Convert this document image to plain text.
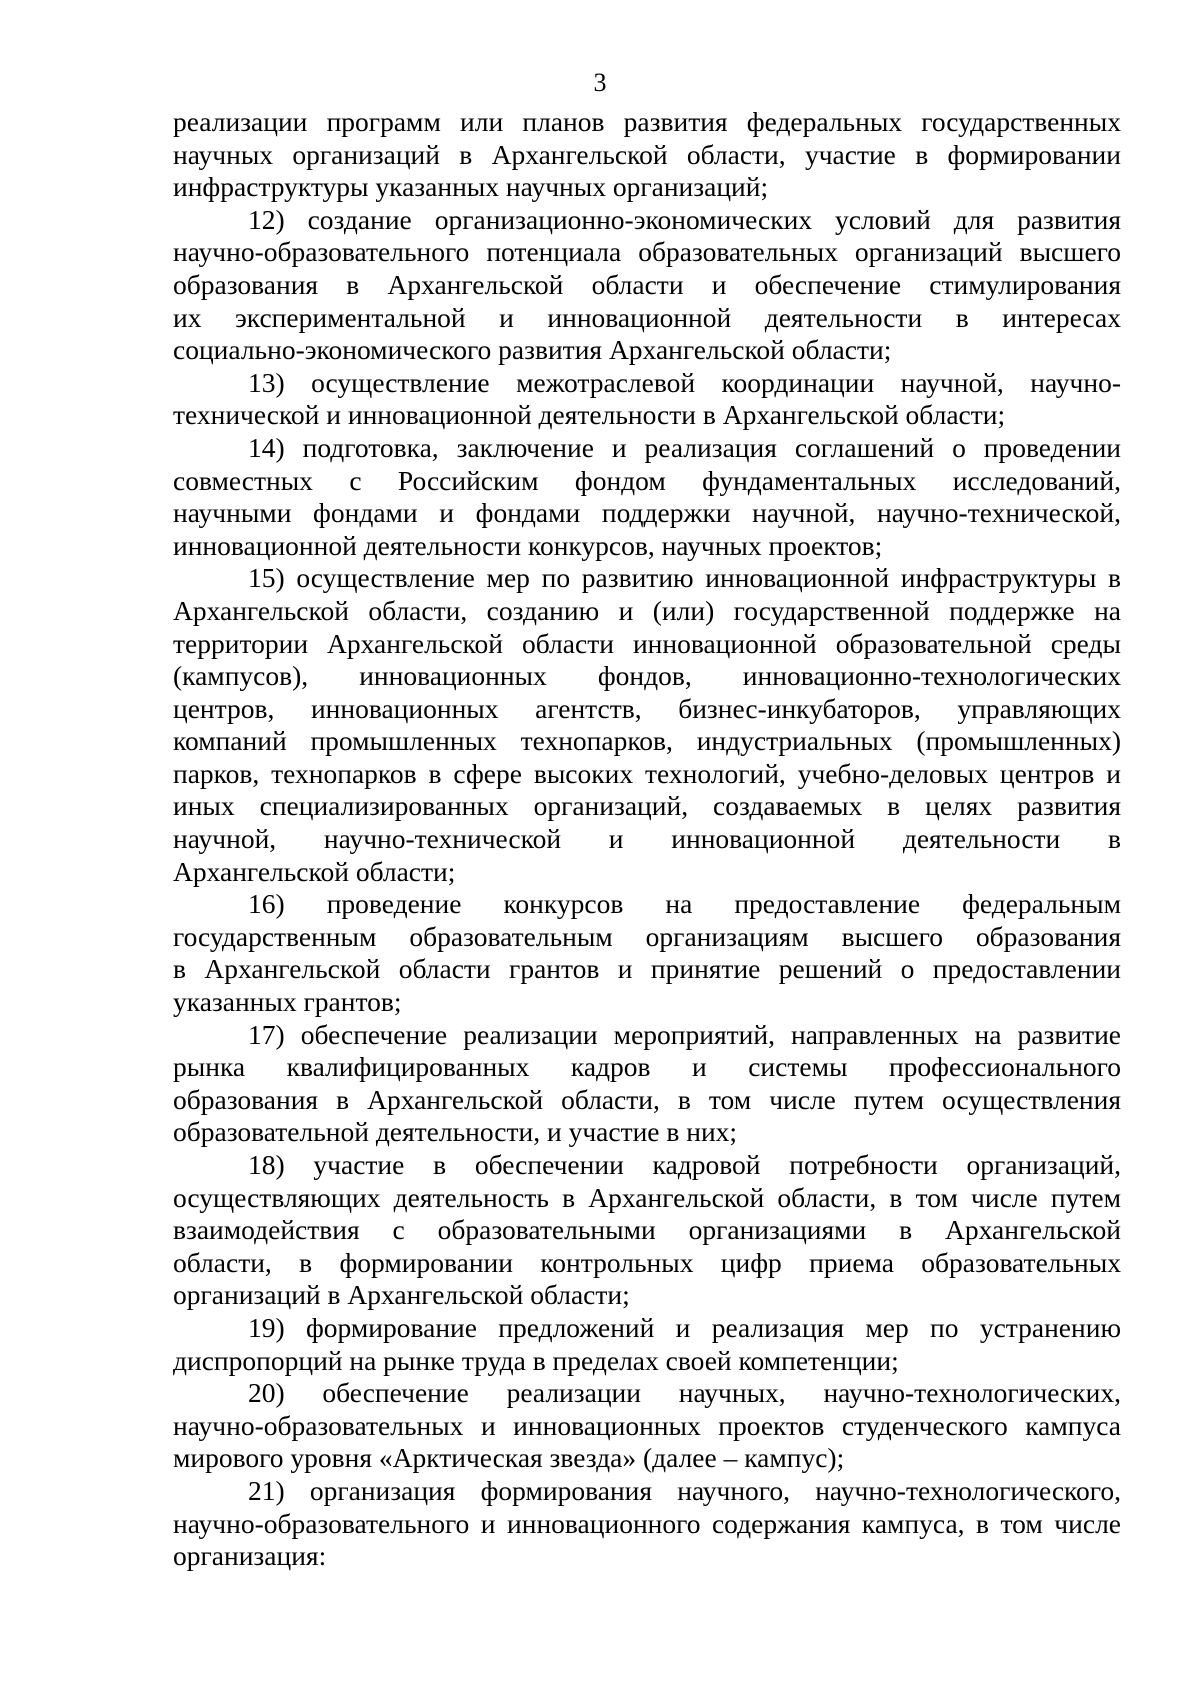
3
реализации программ или планов развития федеральных государственных
научных организаций в Архангельской области, участие в формировании
инфраструктуры указанных научных организаций;
12) создание организационно-экономических условий для развития
научно-образовательного потенциала образовательных организаций высшего
образования в Архангельской области и обеспечение стимулирования
их экспериментальной и инновационной деятельности в интересах
социально-экономического развития Архангельской области;
13) осуществление межотраслевой координации научной, научно-
технической и инновационной деятельности в Архангельской области;
14) подготовка, заключение и реализация соглашений о проведении
совместных с Российским фондом фундаментальных исследований,
научными фондами и фондами поддержки научной, научно-технической,
инновационной деятельности конкурсов, научных проектов;
15) осуществление мер по развитию инновационной инфраструктуры в
Архангельской области, созданию и (или) государственной поддержке на
территории Архангельской области инновационной образовательной среды
(кампусов), инновационных фондов, инновационно-технологических
центров, инновационных агентств, бизнес-инкубаторов, управляющих
компаний промышленных технопарков, индустриальных (промышленных)
парков, технопарков в сфере высоких технологий, учебно-деловых центров и
иных специализированных организаций, создаваемых в целях развития
научной, научно-технической и инновационной деятельности в
Архангельской области;
16) проведение конкурсов на предоставление федеральным
государственным образовательным организациям высшего образования
в Архангельской области грантов и принятие решений о предоставлении
указанных грантов;
17) обеспечение реализации мероприятий, направленных на развитие
рынка квалифицированных кадров и системы профессионального
образования в Архангельской области, в том числе путем осуществления
образовательной деятельности, и участие в них;
18) участие в обеспечении кадровой потребности организаций,
осуществляющих деятельность в Архангельской области, в том числе путем
взаимодействия с образовательными организациями в Архангельской
области, в формировании контрольных цифр приема образовательных
организаций в Архангельской области;
19) формирование предложений и реализация мер по устранению
диспропорций на рынке труда в пределах своей компетенции;
20) обеспечение реализации научных, научно-технологических,
научно-образовательных и инновационных проектов студенческого кампуса
мирового уровня «Арктическая звезда» (далее – кампус);
21) организация формирования научного, научно-технологического,
научно-образовательного и инновационного содержания кампуса, в том числе
организация:
